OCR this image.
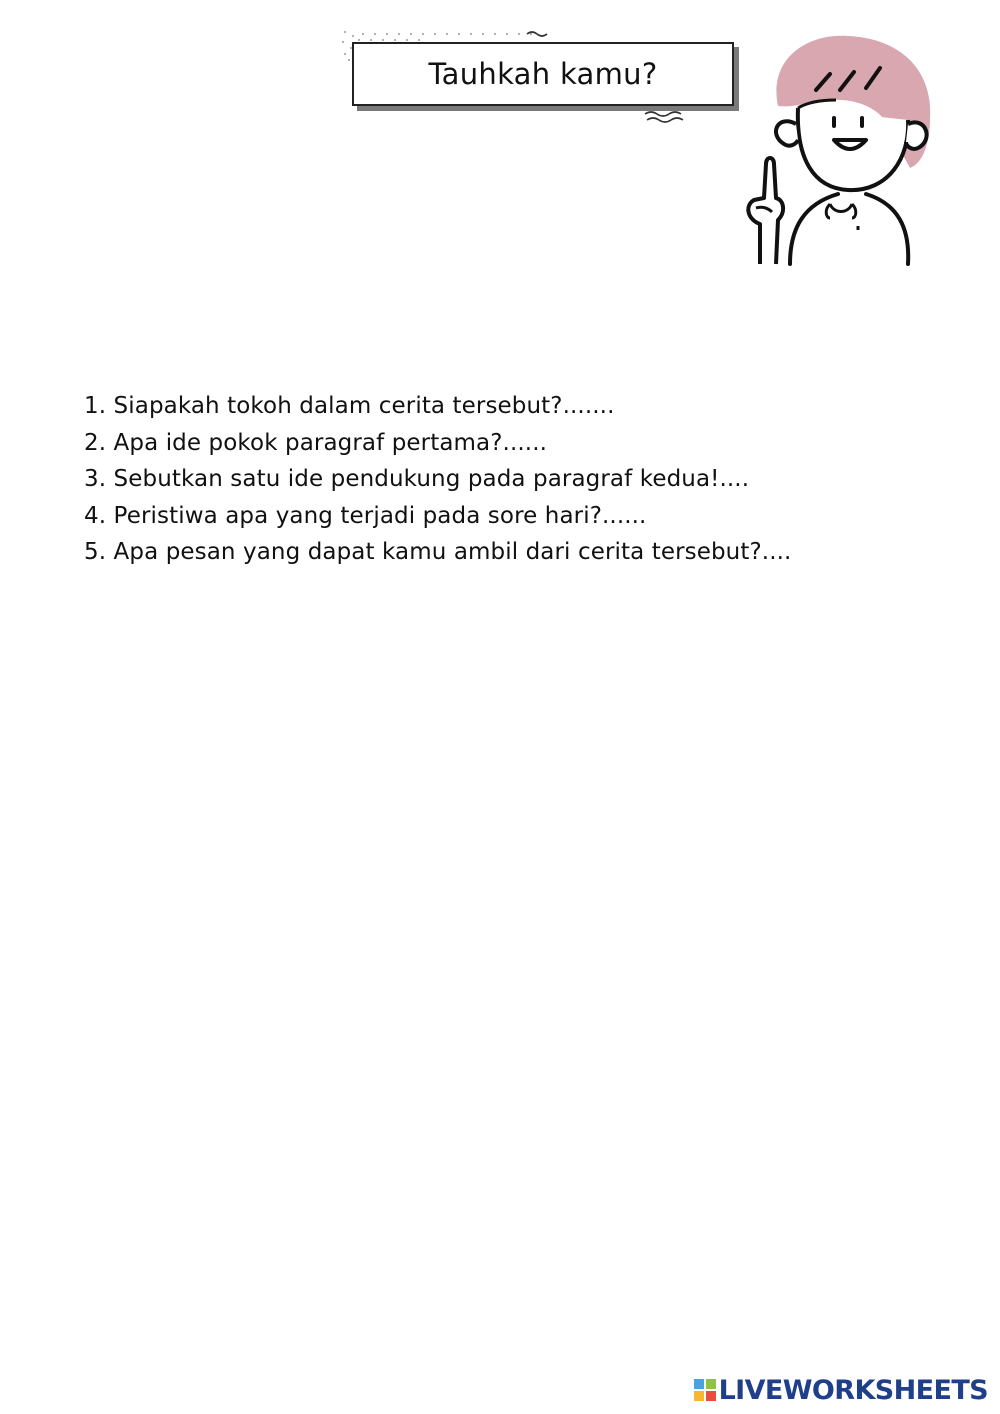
Tauhkah kamu?
1. Siapakah tokoh dalam cerita tersebut?.......
2. Apa ide pokok paragraf pertama?......
3. Sebutkan satu ide pendukung pada paragraf kedua!....
4. Peristiwa apa yang terjadi pada sore hari?......
5. Apa pesan yang dapat kamu ambil dari cerita tersebut?....
LIVEWORKSHEETS
